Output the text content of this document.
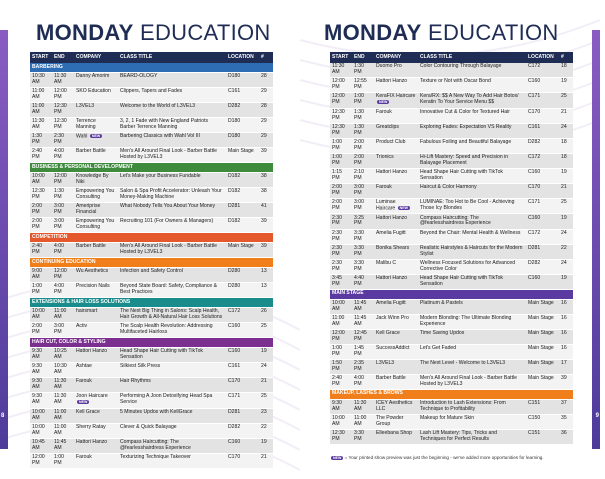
8
MONDAY EDUCATION
START	END	COMPANY	CLASS TITLE	LOCATION	#
BARBERING					
10:30 AM	11:30 AM	Danny Amorim	BEARD-OLOGY	D180	28
11:00 AM	12:00 PM	SKO Education	Clippers, Tapers and Fades	C161	29
11:00 AM	12:30 PM	L3VEL3	Welcome to the World of L3VEL3	D282	28
11:30 AM	12:30 PM	Terrence Manning	3, 2, 1 Fade with New England Patriots Barber Terrence Manning	D180	29
1:30 PM	2:30 PM	Wahl NEW	Barbering Classics with Wahl Vol III	D180	29
2:40 PM	4:00 PM	Barber Battle	Men's All Around Final Look - Barber Battle Hosted by L3VEL3	Main Stage	39
BUSINESS & PERSONAL DEVELOPMENT					
10:00 AM	12:00 PM	Knowledge By Niki	Let's Make your Business Fundable	D182	38
12:30 PM	1:30 PM	Empowering You Consulting	Salon & Spa Profit Accelerator: Unleash Your Money-Making Machine	D182	38
2:00 PM	3:00 PM	Ameriprise Financial	What Nobody Tells You About Your Money	D281	41
2:00 PM	3:00 PM	Empowering You Consulting	Recruiting 101 (For Owners & Managers)	D182	39
COMPETITION					
2:40 PM	4:00 PM	Barber Battle	Men's All Around Final Look - Barber Battle Hosted by L3VEL3	Main Stage	39
CONTINUING EDUCATION					
9:00 AM	12:00 PM	Wu Aesthetics	Infection and Safety Control	D280	13
1:00 PM	4:00 PM	Precision Nails	Beyond State Board: Safety, Compliance & Best Practices	D280	13
EXTENSIONS & HAIR LOSS SOLUTIONS					
10:00 AM	11:00 AM	hairsmart	The Next Big Thing in Salons: Scalp Health, Hair Growth & All-Natural Hair Loss Solutions	C172	26
2:00 PM	3:00 PM	Activ	The Scalp Health Revolution: Addressing Multifaceted Hairloss	C160	25
HAIR CUT, COLOR & STYLING					
9:30 AM	10:25 AM	Hattori Hanzo	Head Shape Hair Cutting with TikTok Sensation	C160	19
9:30 AM	10:30 AM	Ashtae	Silkiest Silk Press	C161	24
9:30 AM	11:30 AM	Farouk	Hair Rhythms	C170	21
9:30 AM	11:30 AM	Joon Haircare NEW	Performing A Joon Detoxifying Head Spa Service	C171	25
10:00 AM	11:00 AM	Kell Grace	5 Minutes Updos with KellGrace	D281	23
10:00 AM	11:00 AM	Sherry Ratay	Clever & Quick Balayage	D282	22
10:45 AM	11:45 AM	Hattori Hanzo	Compass Haircutting: The @fearlesshairdress Experience	C160	19
12:00 PM	1:00 PM	Farouk	Texturizing Technique Takeover	C170	21
PREMIERECOLUMBUSSHOW.COM
9
MONDAY EDUCATION
START	END	COMPANY	CLASS TITLE	LOCATION	#
11:30 AM	1:30 PM	Duomo Pro	Color Contouring Through Balayage	C172	18
12:00 PM	12:55 PM	Hattori Hanzo	Texture or Not with Oscar Bond	C160	19
12:00 PM	1:00 PM	KeraFIX Haircare NEW	Kera/RX: $$ A New Way To Add Hair Botox/ Keratin To Your Service Menu $$	C171	25
12:30 PM	1:30 PM	Farouk	Innovative Cut & Color for Textured Hair	C170	21
12:30 PM	1:30 PM	Greatclips	Exploring Fades: Expectation VS Reality	C161	24
1:00 PM	2:00 PM	Product Club	Fabulous Foiling and Beautiful Balayage	D282	18
1:00 PM	2:00 PM	Trionics	Hi-Lift Mastery: Speed and Precision in Balayage Placement	C172	18
1:15 PM	2:10 PM	Hattori Hanzo	Head Shape Hair Cutting with TikTok Sensation	C160	19
2:00 PM	3:00 PM	Farouk	Haircut & Color Harmony	C170	21
2:00 PM	3:00 PM	Luminae Haircare NEW	LUMINAE: Too Hot to Be Cool - Achieving Those Icy Blondes	C171	25
2:30 PM	3:25 PM	Hattori Hanzo	Compass Haircutting: The @fearlesshairdress Experience	C160	19
2:30 PM	3:30 PM	Amelia Fugitt	Beyond the Chair: Mental Health & Wellness	C172	24
2:30 PM	3:30 PM	Bonika Shears	Realistic Hairstyles & Haircuts for the Modern Stylist	D281	22
2:30 PM	3:30 PM	Malibu C	Wellness Focused Solutions for Advanced Corrective Color	D282	24
3:45 PM	4:40 PM	Hattori Hanzo	Head Shape Hair Cutting with TikTok Sensation	C160	19
MAIN STAGE					
10:00 AM	11:45 AM	Amelia Fugitt	Platinum & Pastels	Main Stage	16
11:00 AM	11:45 AM	Jack Winn Pro	Modern Blonding: The Ultimate Blonding Experience	Main Stage	16
12:00 PM	12:45 PM	Kell Grace	Time Saving Updos	Main Stage	16
1:00 PM	1:45 PM	SuccessAddict	Let's Get Faded	Main Stage	16
1:50 PM	2:35 PM	L3VEL3	The Next Level - Welcome to L3VEL3	Main Stage	17
2:40 PM	4:00 PM	Barber Battle	Men's All Around Final Look - Barber Battle Hosted by L3VEL3	Main Stage	39
MAKEUP, LASHES & BROWS					
9:30 AM	11:30 AM	ICEY Aesthetics LLC	Introduction to Lash Extensions: From Technique to Profitability	C151	37
10:00 AM	11:00 AM	The Powder Group	Makeup for Mature Skin	C150	35
12:30 PM	3:30 PM	Elleebana Shop	Lash Lift Mastery: Tips, Tricks and Techniques for Perfect Results	C151	36
NEW = Your printed show preview was just the beginning - we've added more opportunities for learning.
